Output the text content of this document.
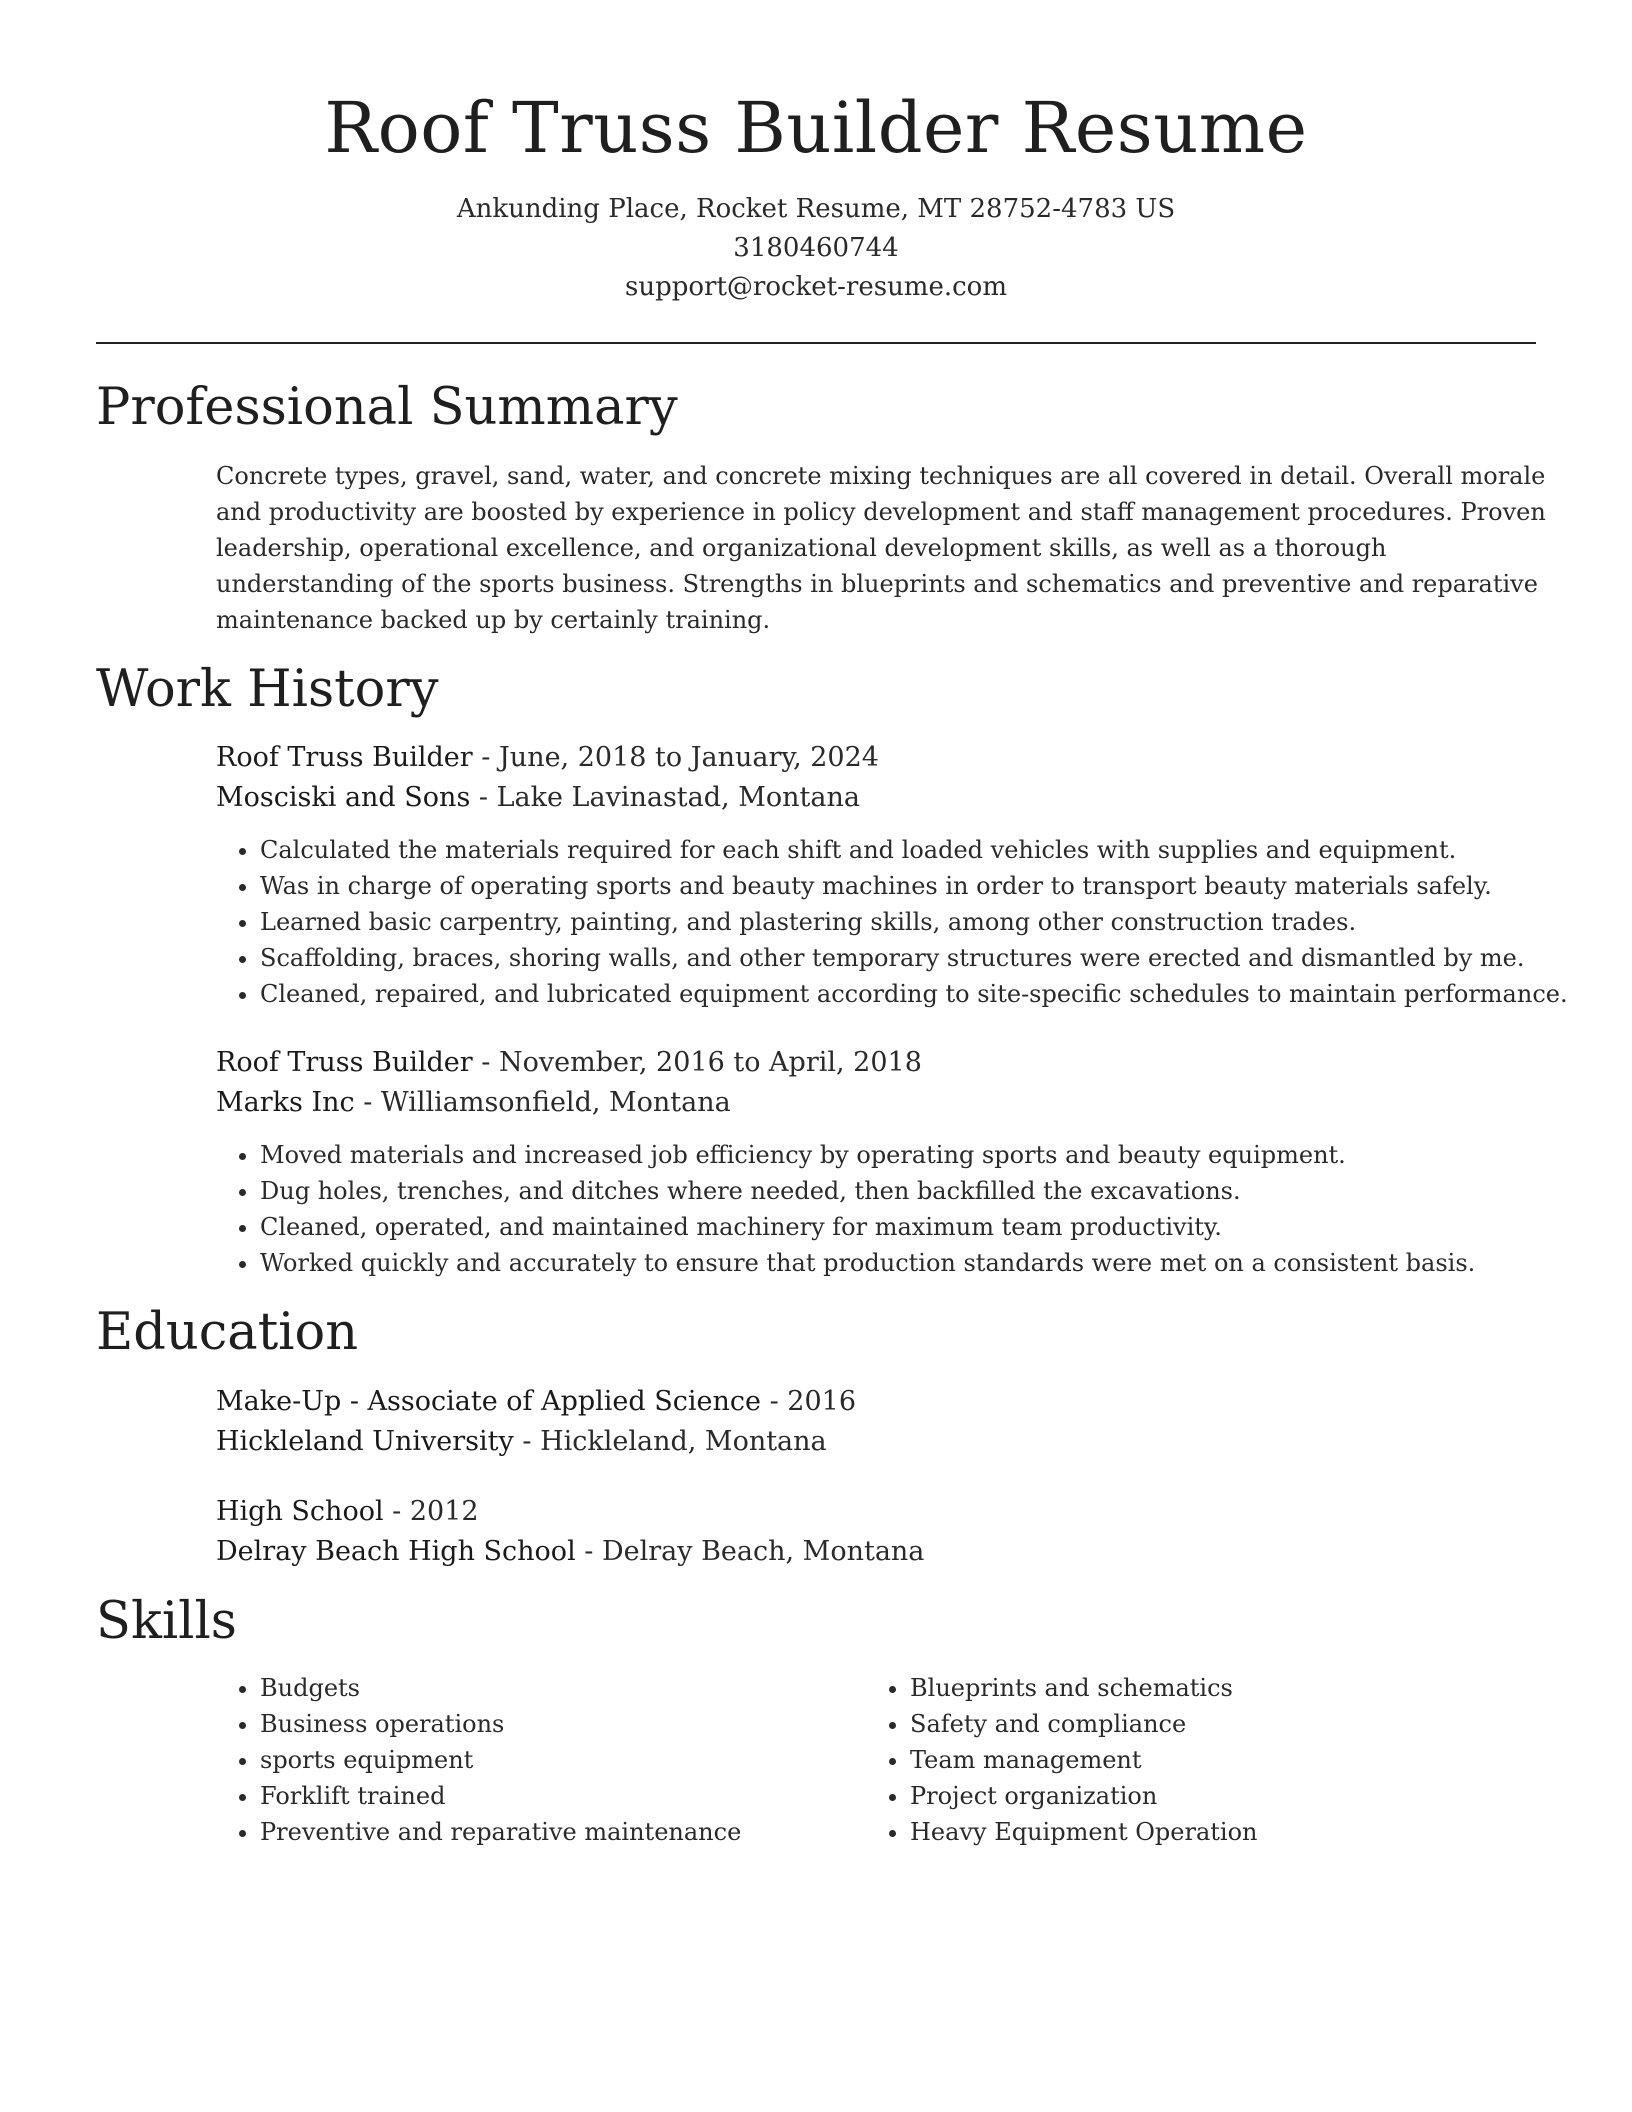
Roof Truss Builder Resume
Ankunding Place, Rocket Resume, MT 28752-4783 US
3180460744
support@rocket-resume.com
Professional Summary

Concrete types, gravel, sand, water, and concrete mixing techniques are all covered in detail. Overall morale and productivity are boosted by experience in policy development and staff management procedures. Proven leadership, operational excellence, and organizational development skills, as well as a thorough understanding of the sports business. Strengths in blueprints and schematics and preventive and reparative maintenance backed up by certainly training.

Work History
Roof Truss Builder - June, 2018 to January, 2024
Mosciski and Sons - Lake Lavinastad, Montana
• Calculated the materials required for each shift and loaded vehicles with supplies and equipment.
• Was in charge of operating sports and beauty machines in order to transport beauty materials safely.
• Learned basic carpentry, painting, and plastering skills, among other construction trades.
• Scaffolding, braces, shoring walls, and other temporary structures were erected and dismantled by me.
• Cleaned, repaired, and lubricated equipment according to site-specific schedules to maintain performance.
Roof Truss Builder - November, 2016 to April, 2018
Marks Inc - Williamsonfield, Montana
• Moved materials and increased job efficiency by operating sports and beauty equipment.
• Dug holes, trenches, and ditches where needed, then backfilled the excavations.
• Cleaned, operated, and maintained machinery for maximum team productivity.
• Worked quickly and accurately to ensure that production standards were met on a consistent basis.
Education
Make-Up - Associate of Applied Science - 2016
Hickleland University - Hickleland, Montana
High School - 2012
Delray Beach High School - Delray Beach, Montana
Skills
• Budgets
• Business operations
• sports equipment
• Forklift trained
• Preventive and reparative maintenance
• Blueprints and schematics
• Safety and compliance
• Team management
• Project organization
• Heavy Equipment Operation
